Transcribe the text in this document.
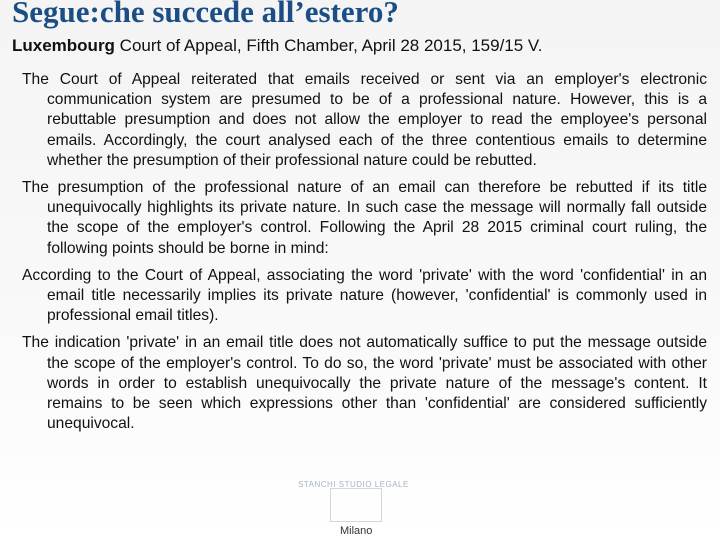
Segue:che succede all’estero?
Luxembourg Court of Appeal, Fifth Chamber, April 28 2015, 159/15 V.

The Court of Appeal reiterated that emails received or sent via an employer's electronic communication system are presumed to be of a professional nature. However, this is a rebuttable presumption and does not allow the employer to read the employee's personal emails. Accordingly, the court analysed each of the three contentious emails to determine whether the presumption of their professional nature could be rebutted.

The presumption of the professional nature of an email can therefore be rebutted if its title unequivocally highlights its private nature. In such case the message will normally fall outside the scope of the employer's control. Following the April 28 2015 criminal court ruling, the following points should be borne in mind:

According to the Court of Appeal, associating the word 'private' with the word 'confidential' in an email title necessarily implies its private nature (however, 'confidential' is commonly used in professional email titles).

The indication 'private' in an email title does not automatically suffice to put the message outside the scope of the employer's control. To do so, the word 'private' must be associated with other words in order to establish unequivocally the private nature of the message's content. It remains to be seen which expressions other than 'confidential' are considered sufficiently unequivocal.

STANCHI STUDIO LEGALE
Milano
